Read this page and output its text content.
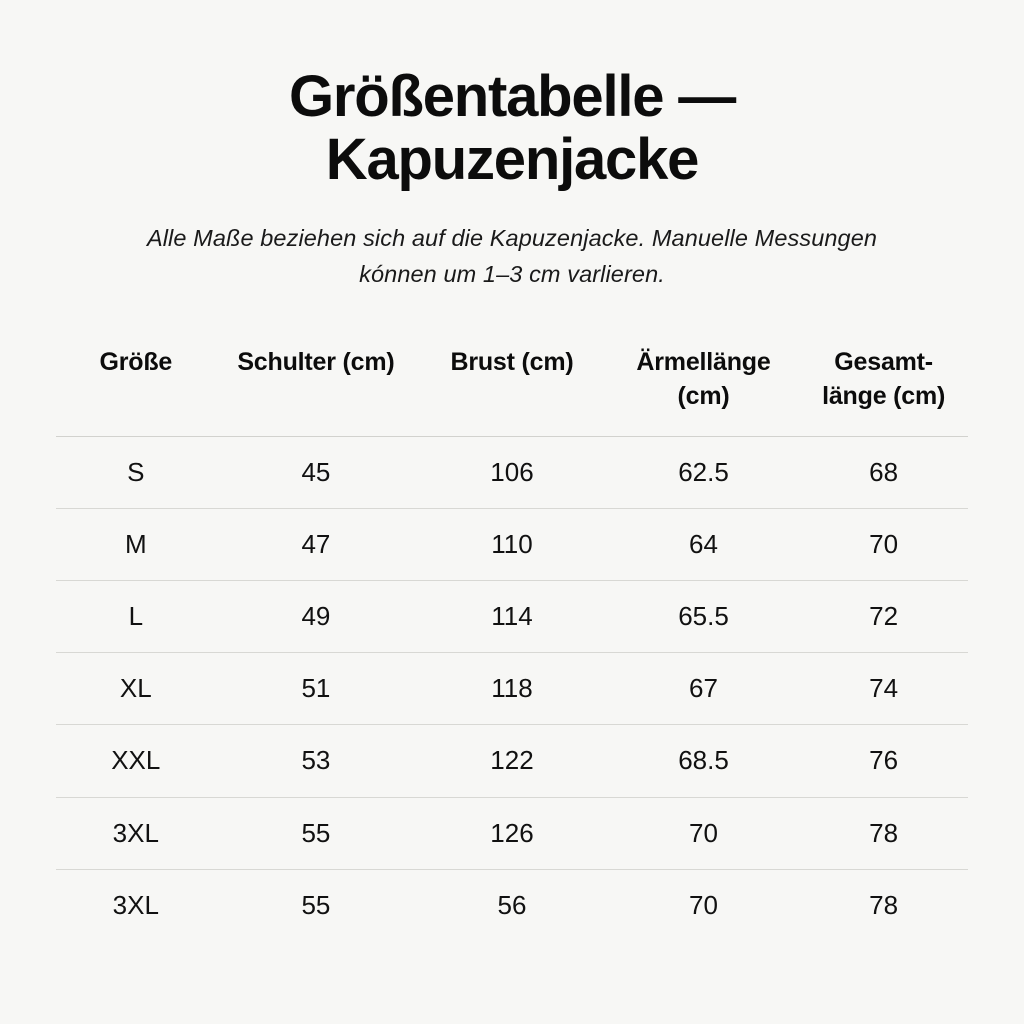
Größentabelle — Kapuzenjacke

Alle Maße beziehen sich auf die Kapuzenjacke. Manuelle Messungen kónnen um 1–3 cm varlieren.

Größe	Schulter (cm)	Brust (cm)	Ärmellänge (cm)	Gesamt-länge (cm)
S	45	106	62.5	68
M	47	110	64	70
L	49	114	65.5	72
XL	51	118	67	74
XXL	53	122	68.5	76
3XL	55	126	70	78
3XL	55	56	70	78
